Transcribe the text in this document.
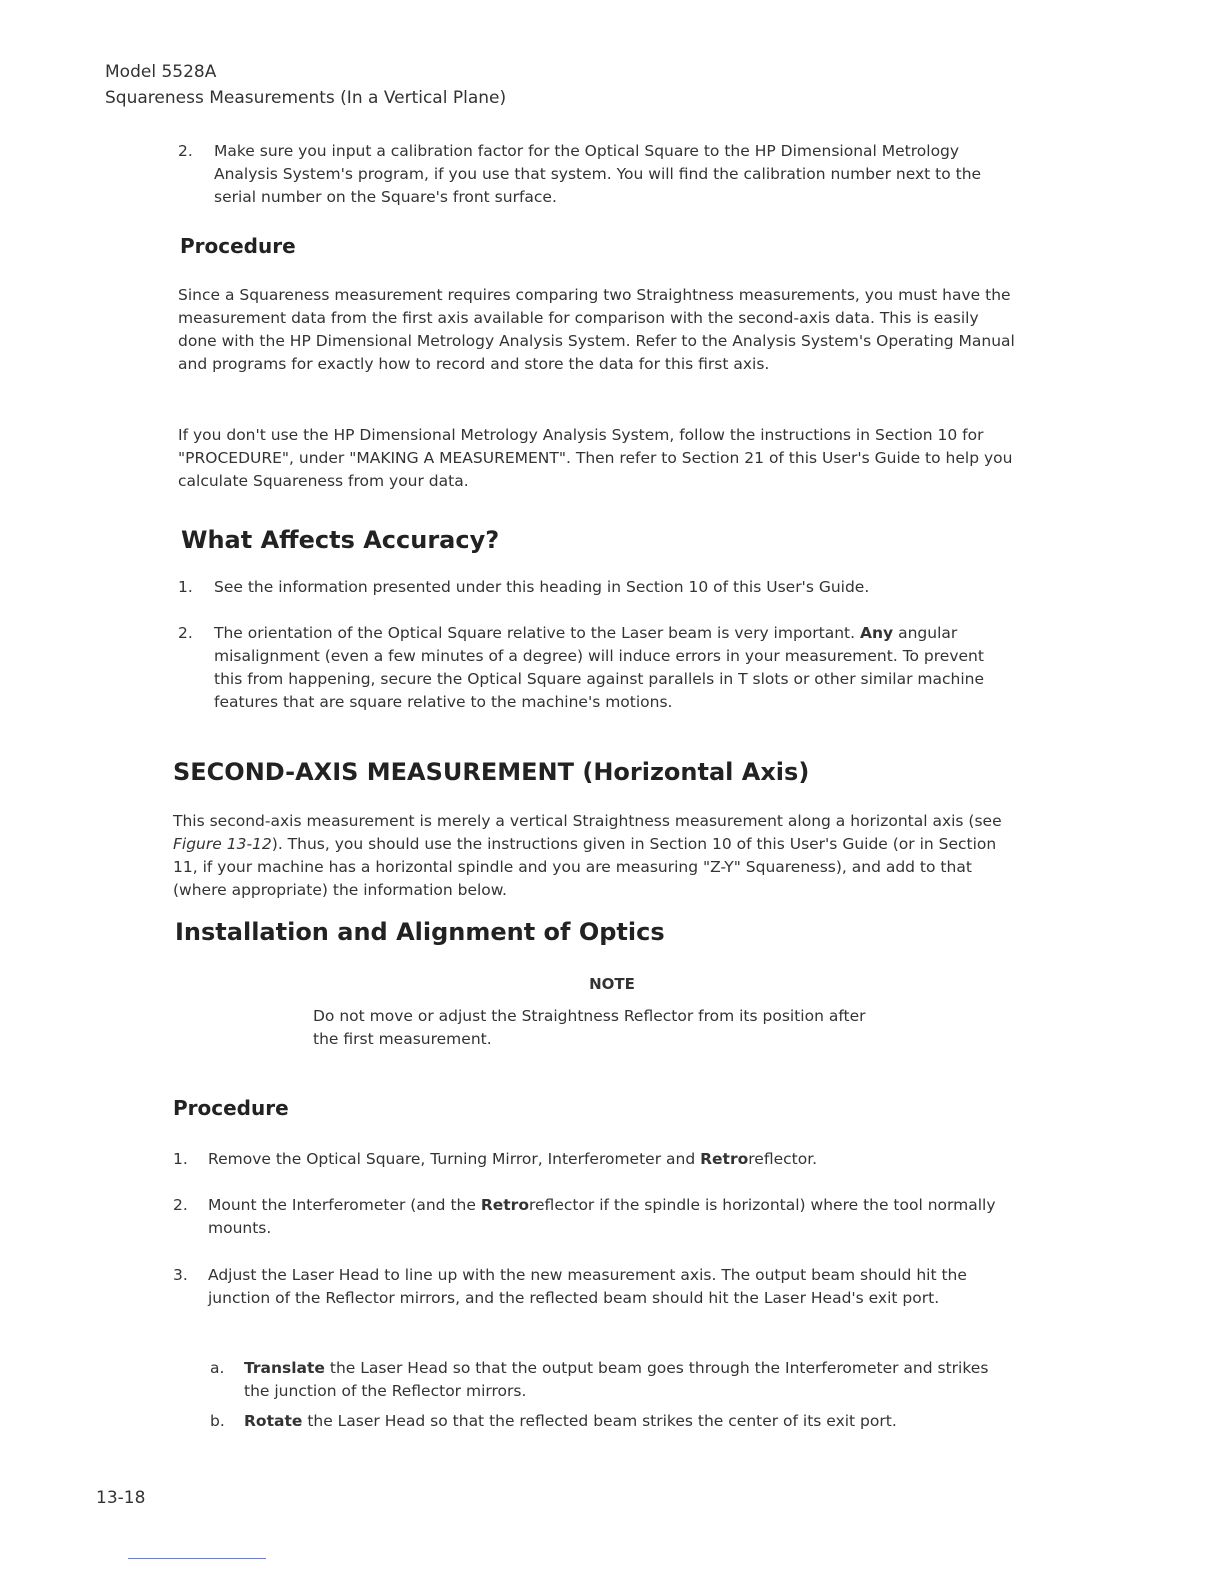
Model 5528A
Squareness Measurements (In a Vertical Plane)
2.	Make sure you input a calibration factor for the Optical Square to the HP Dimensional Metrology Analysis System's program, if you use that system. You will find the calibration number next to the serial number on the Square's front surface.
Procedure
Since a Squareness measurement requires comparing two Straightness measurements, you must have the measurement data from the first axis available for comparison with the second-axis data. This is easily done with the HP Dimensional Metrology Analysis System. Refer to the Analysis System's Operating Manual and programs for exactly how to record and store the data for this first axis.
If you don't use the HP Dimensional Metrology Analysis System, follow the instructions in Section 10 for "PROCEDURE", under "MAKING A MEASUREMENT". Then refer to Section 21 of this User's Guide to help you calculate Squareness from your data.
What Affects Accuracy?
1.	See the information presented under this heading in Section 10 of this User's Guide.
2.	The orientation of the Optical Square relative to the Laser beam is very important. Any angular misalignment (even a few minutes of a degree) will induce errors in your measurement. To prevent this from happening, secure the Optical Square against parallels in T slots or other similar machine features that are square relative to the machine's motions.
SECOND-AXIS MEASUREMENT (Horizontal Axis)
This second-axis measurement is merely a vertical Straightness measurement along a horizontal axis (see Figure 13-12). Thus, you should use the instructions given in Section 10 of this User's Guide (or in Section 11, if your machine has a horizontal spindle and you are measuring "Z-Y" Squareness), and add to that (where appropriate) the information below.
Installation and Alignment of Optics
NOTE
Do not move or adjust the Straightness Reflector from its position after the first measurement.
Procedure
1.	Remove the Optical Square, Turning Mirror, Interferometer and Retroreflector.
2.	Mount the Interferometer (and the Retroreflector if the spindle is horizontal) where the tool normally mounts.
3.	Adjust the Laser Head to line up with the new measurement axis. The output beam should hit the junction of the Reflector mirrors, and the reflected beam should hit the Laser Head's exit port.
a.	Translate the Laser Head so that the output beam goes through the Interferometer and strikes the junction of the Reflector mirrors.
b.	Rotate the Laser Head so that the reflected beam strikes the center of its exit port.
13-18
